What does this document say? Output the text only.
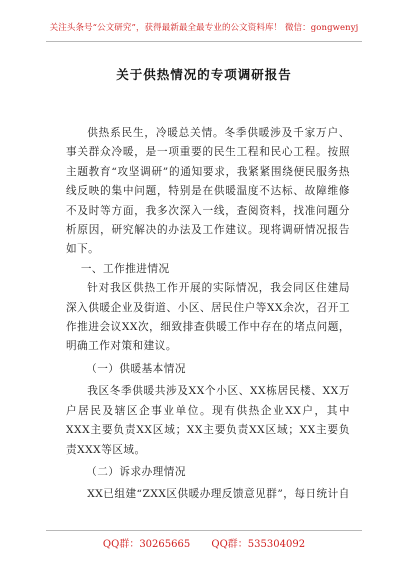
关注头条号“公文研究”，获得最新最全最专业的公文资料库！ 微信：gongwenyj
关于供热情况的专项调研报告

供热系民生，冷暖总关情。冬季供暖涉及千家万户、事关群众冷暖，是一项重要的民生工程和民心工程。按照主题教育“攻坚调研”的通知要求，我紧紧围绕便民服务热线反映的集中问题，特别是在供暖温度不达标、故障维修不及时等方面，我多次深入一线，查阅资料，找准问题分析原因，研究解决的办法及工作建议。现将调研情况报告如下。

一、工作推进情况

针对我区供热工作开展的实际情况，我会同区住建局深入供暖企业及街道、小区、居民住户等XX余次，召开工作推进会议XX次，细致排查供暖工作中存在的堵点问题，明确工作对策和建议。

（一）供暖基本情况

我区冬季供暖共涉及XX个小区、XX栋居民楼、XX万户居民及辖区企事业单位。现有供热企业XX户，其中XXX主要负责XX区域；XX主要负责XX区域；XX主要负责XXX等区域。

（二）诉求办理情况

XX已组建“ZXX区供暖办理反馈意见群”，每日统计自

QQ群：30265665 QQ群：535304092
